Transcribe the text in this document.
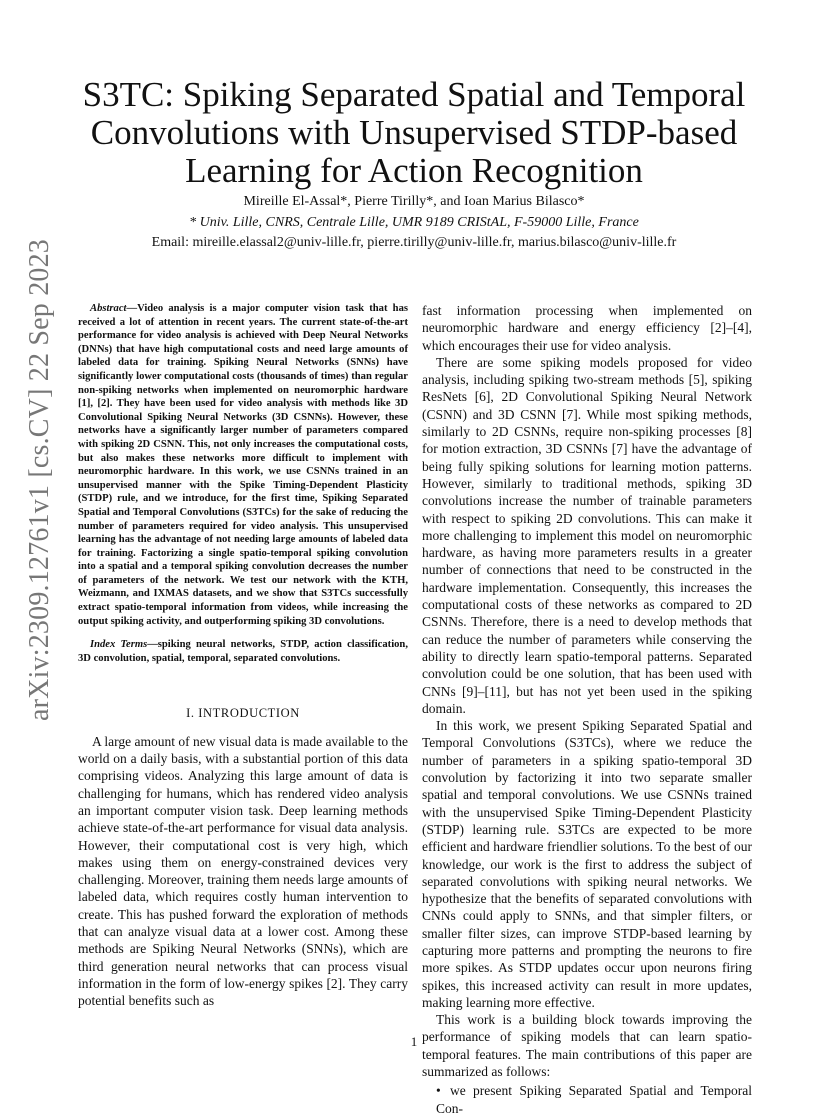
arXiv:2309.12761v1 [cs.CV] 22 Sep 2023
S3TC: Spiking Separated Spatial and Temporal Convolutions with Unsupervised STDP-based Learning for Action Recognition
Mireille El-Assal*, Pierre Tirilly*, and Ioan Marius Bilasco*
* Univ. Lille, CNRS, Centrale Lille, UMR 9189 CRIStAL, F-59000 Lille, France
Email: mireille.elassal2@univ-lille.fr, pierre.tirilly@univ-lille.fr, marius.bilasco@univ-lille.fr

Abstract—Video analysis is a major computer vision task that has received a lot of attention in recent years. The current state-of-the-art performance for video analysis is achieved with Deep Neural Networks (DNNs) that have high computational costs and need large amounts of labeled data for training. Spiking Neural Networks (SNNs) have significantly lower computational costs (thousands of times) than regular non-spiking networks when implemented on neuromorphic hardware [1], [2]. They have been used for video analysis with methods like 3D Convolutional Spiking Neural Networks (3D CSNNs). However, these networks have a significantly larger number of parameters compared with spiking 2D CSNN. This, not only increases the computational costs, but also makes these networks more difficult to implement with neuromorphic hardware. In this work, we use CSNNs trained in an unsupervised manner with the Spike Timing-Dependent Plasticity (STDP) rule, and we introduce, for the first time, Spiking Separated Spatial and Temporal Convolutions (S3TCs) for the sake of reducing the number of parameters required for video analysis. This unsupervised learning has the advantage of not needing large amounts of labeled data for training. Factorizing a single spatio-temporal spiking convolution into a spatial and a temporal spiking convolution decreases the number of parameters of the network. We test our network with the KTH, Weizmann, and IXMAS datasets, and we show that S3TCs successfully extract spatio-temporal information from videos, while increasing the output spiking activity, and outperforming spiking 3D convolutions.

Index Terms—spiking neural networks, STDP, action classification, 3D convolution, spatial, temporal, separated convolutions.

I. INTRODUCTION

A large amount of new visual data is made available to the world on a daily basis, with a substantial portion of this data comprising videos. Analyzing this large amount of data is challenging for humans, which has rendered video analysis an important computer vision task. Deep learning methods achieve state-of-the-art performance for visual data analysis. However, their computational cost is very high, which makes using them on energy-constrained devices very challenging. Moreover, training them needs large amounts of labeled data, which requires costly human intervention to create. This has pushed forward the exploration of methods that can analyze visual data at a lower cost. Among these methods are Spiking Neural Networks (SNNs), which are third generation neural networks that can process visual information in the form of low-energy spikes [2]. They carry potential benefits such as

fast information processing when implemented on neuromorphic hardware and energy efficiency [2]–[4], which encourages their use for video analysis.

There are some spiking models proposed for video analysis, including spiking two-stream methods [5], spiking ResNets [6], 2D Convolutional Spiking Neural Network (CSNN) and 3D CSNN [7]. While most spiking methods, similarly to 2D CSNNs, require non-spiking processes [8] for motion extraction, 3D CSNNs [7] have the advantage of being fully spiking solutions for learning motion patterns. However, similarly to traditional methods, spiking 3D convolutions increase the number of trainable parameters with respect to spiking 2D convolutions. This can make it more challenging to implement this model on neuromorphic hardware, as having more parameters results in a greater number of connections that need to be constructed in the hardware implementation. Consequently, this increases the computational costs of these networks as compared to 2D CSNNs. Therefore, there is a need to develop methods that can reduce the number of parameters while conserving the ability to directly learn spatio-temporal patterns. Separated convolution could be one solution, that has been used with CNNs [9]–[11], but has not yet been used in the spiking domain.

In this work, we present Spiking Separated Spatial and Temporal Convolutions (S3TCs), where we reduce the number of parameters in a spiking spatio-temporal 3D convolution by factorizing it into two separate smaller spatial and temporal convolutions. We use CSNNs trained with the unsupervised Spike Timing-Dependent Plasticity (STDP) learning rule. S3TCs are expected to be more efficient and hardware friendlier solutions. To the best of our knowledge, our work is the first to address the subject of separated convolutions with spiking neural networks. We hypothesize that the benefits of separated convolutions with CNNs could apply to SNNs, and that simpler filters, or smaller filter sizes, can improve STDP-based learning by capturing more patterns and prompting the neurons to fire more spikes. As STDP updates occur upon neurons firing spikes, this increased activity can result in more updates, making learning more effective.

This work is a building block towards improving the performance of spiking models that can learn spatio-temporal features. The main contributions of this paper are summarized as follows:

• we present Spiking Separated Spatial and Temporal Con-
1
